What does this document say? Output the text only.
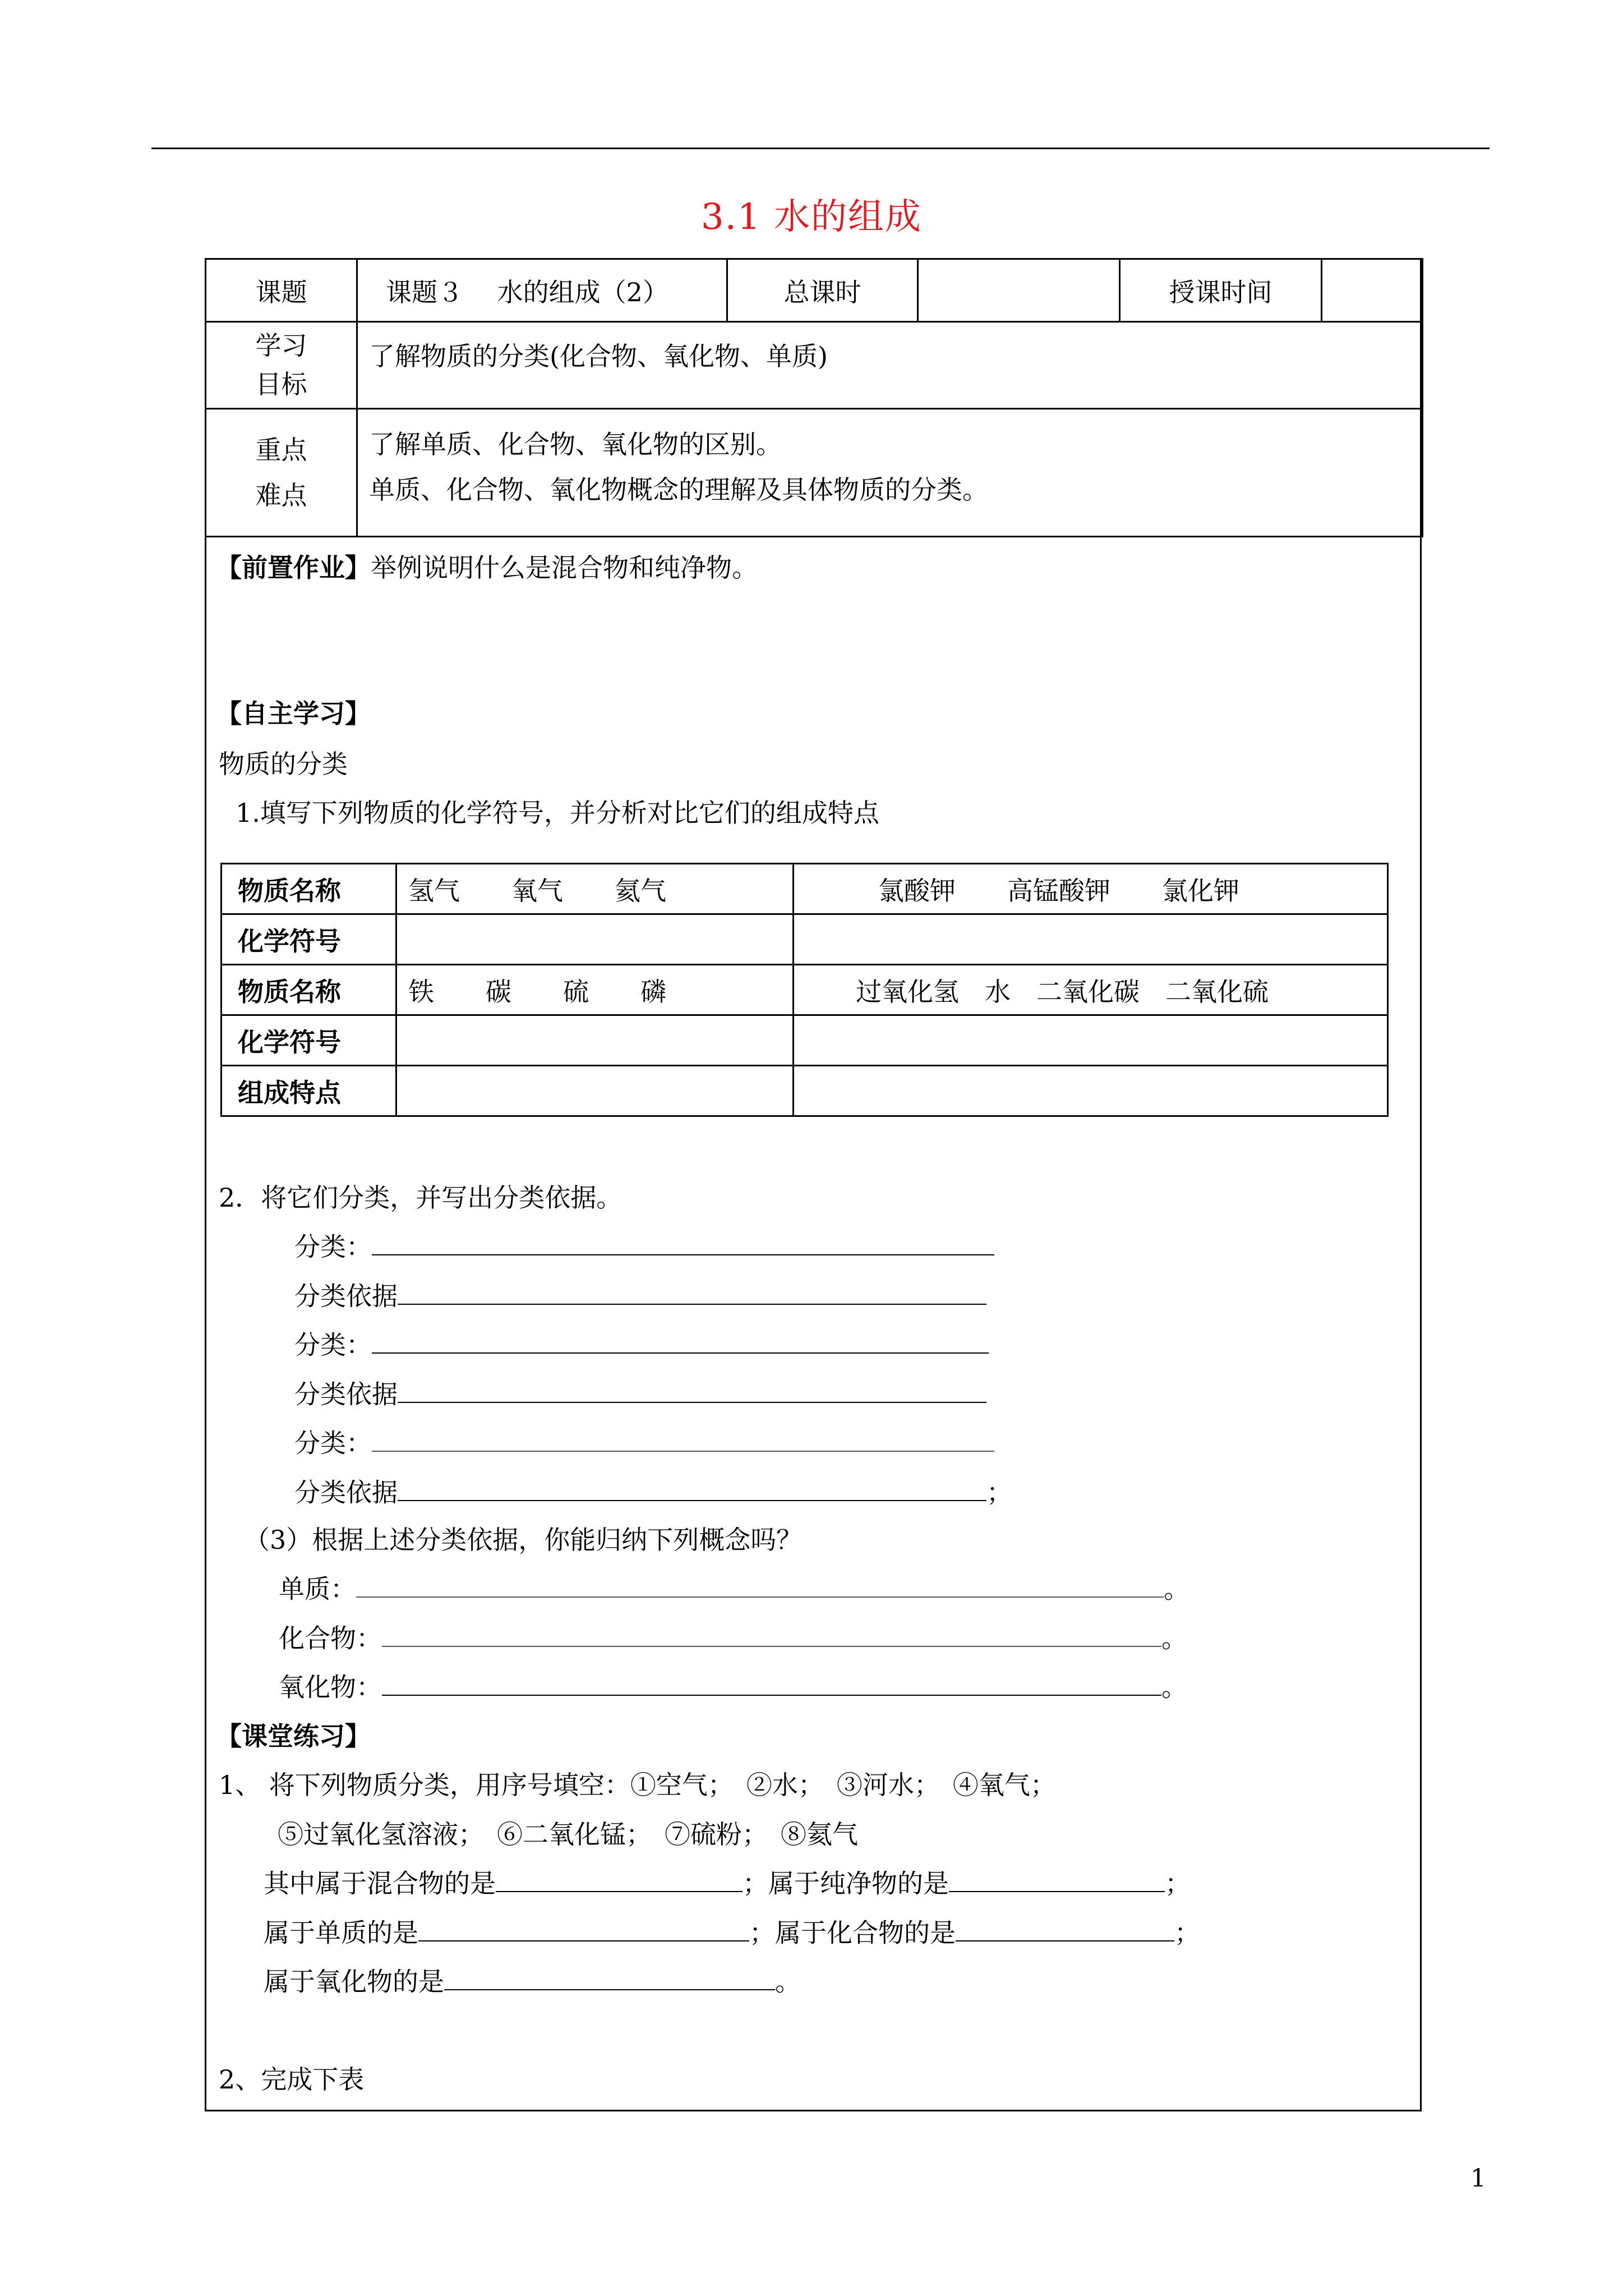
3.1 水的组成
课题	课题３　 水的组成（2）	总课时		授课时间	
学习
目标	了解物质的分类(化合物、氧化物、单质)				
重点
难点	了解单质、化合物、氧化物的区别。
单质、化合物、氧化物概念的理解及具体物质的分类。				
【前置作业】举例说明什么是混合物和纯净物。
【自主学习】
物质的分类
1.填写下列物质的化学符号，并分析对比它们的组成特点
物质名称	氢气　　氧气　　氦气	氯酸钾　　高锰酸钾　　氯化钾
化学符号		
物质名称	铁　　碳　　硫　　磷	过氧化氢　水　二氧化碳　二氧化硫
化学符号		
组成特点		
2．将它们分类，并写出分类依据。
分类：
分类依据
分类：
分类依据
分类：
分类依据	；
（3）根据上述分类依据，你能归纳下列概念吗？
单质：	。
化合物：	。
氧化物：	。
【课堂练习】
1、 将下列物质分类，用序号填空：①空气；　②水；　③河水；　④氧气；
⑤过氧化氢溶液；　⑥二氧化锰；　⑦硫粉；　⑧氦气
其中属于混合物的是	；属于纯净物的是	；
属于单质的是	；属于化合物的是	；
属于氧化物的是	。
2、完成下表
1
